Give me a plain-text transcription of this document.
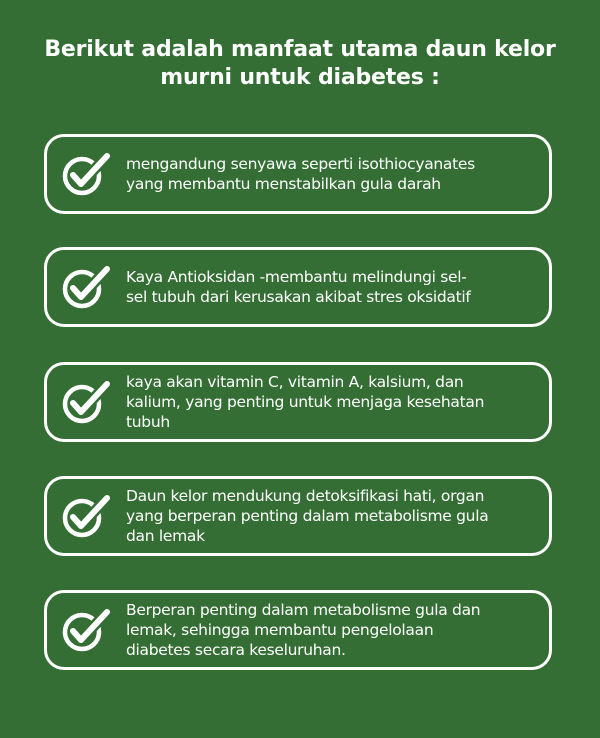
Berikut adalah manfaat utama daun kelor
murni untuk diabetes :
mengandung senyawa seperti isothiocyanates
yang membantu menstabilkan gula darah
Kaya Antioksidan -membantu melindungi sel-
sel tubuh dari kerusakan akibat stres oksidatif
kaya akan vitamin C, vitamin A, kalsium, dan
kalium, yang penting untuk menjaga kesehatan
tubuh
Daun kelor mendukung detoksifikasi hati, organ
yang berperan penting dalam metabolisme gula
dan lemak
Berperan penting dalam metabolisme gula dan
lemak, sehingga membantu pengelolaan
diabetes secara keseluruhan.
